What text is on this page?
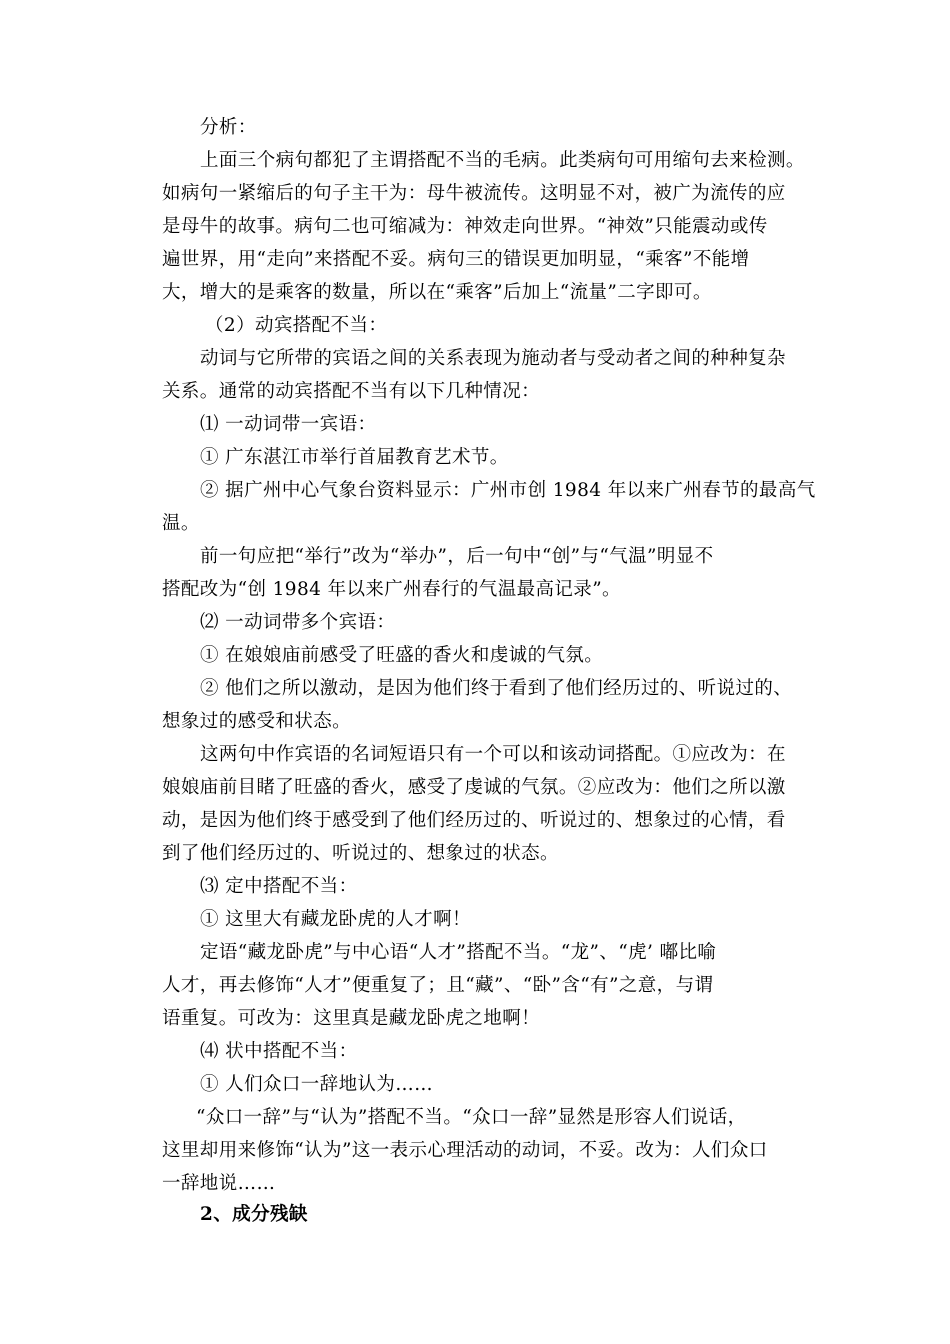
分析：
上面三个病句都犯了主谓搭配不当的毛病。此类病句可用缩句去来检测。
如病句一紧缩后的句子主干为：母牛被流传。这明显不对，被广为流传的应
是母牛的故事。病句二也可缩减为：神效走向世界。“神效”只能震动或传
遍世界，用“走向”来搭配不妥。病句三的错误更加明显，“乘客”不能增
大，增大的是乘客的数量，所以在“乘客”后加上“流量”二字即可。
（2）动宾搭配不当：
动词与它所带的宾语之间的关系表现为施动者与受动者之间的种种复杂
关系。通常的动宾搭配不当有以下几种情况：
⑴ 一动词带一宾语：
① 广东湛江市举行首届教育艺术节。
② 据广州中心气象台资料显示：广州市创 1984 年以来广州春节的最高气
温。
前一句应把“举行”改为“举办”，后一句中“创”与“气温”明显不
搭配改为“创 1984 年以来广州春行的气温最高记录”。
⑵ 一动词带多个宾语：
① 在娘娘庙前感受了旺盛的香火和虔诚的气氛。
② 他们之所以激动，是因为他们终于看到了他们经历过的、听说过的、
想象过的感受和状态。
这两句中作宾语的名词短语只有一个可以和该动词搭配。①应改为：在
娘娘庙前目睹了旺盛的香火，感受了虔诚的气氛。②应改为：他们之所以激
动，是因为他们终于感受到了他们经历过的、听说过的、想象过的心情，看
到了他们经历过的、听说过的、想象过的状态。
⑶ 定中搭配不当：
① 这里大有藏龙卧虎的人才啊！
定语“藏龙卧虎”与中心语“人才”搭配不当。“龙”、“虎’ 嘟比喻
人才，再去修饰“人才”便重复了；且“藏”、“卧”含“有”之意，与谓
语重复。可改为：这里真是藏龙卧虎之地啊！
⑷ 状中搭配不当：
① 人们众口一辞地认为……
“众口一辞”与“认为”搭配不当。“众口一辞”显然是形容人们说话，
这里却用来修饰“认为”这一表示心理活动的动词，不妥。改为：人们众口
一辞地说……
2、成分残缺
